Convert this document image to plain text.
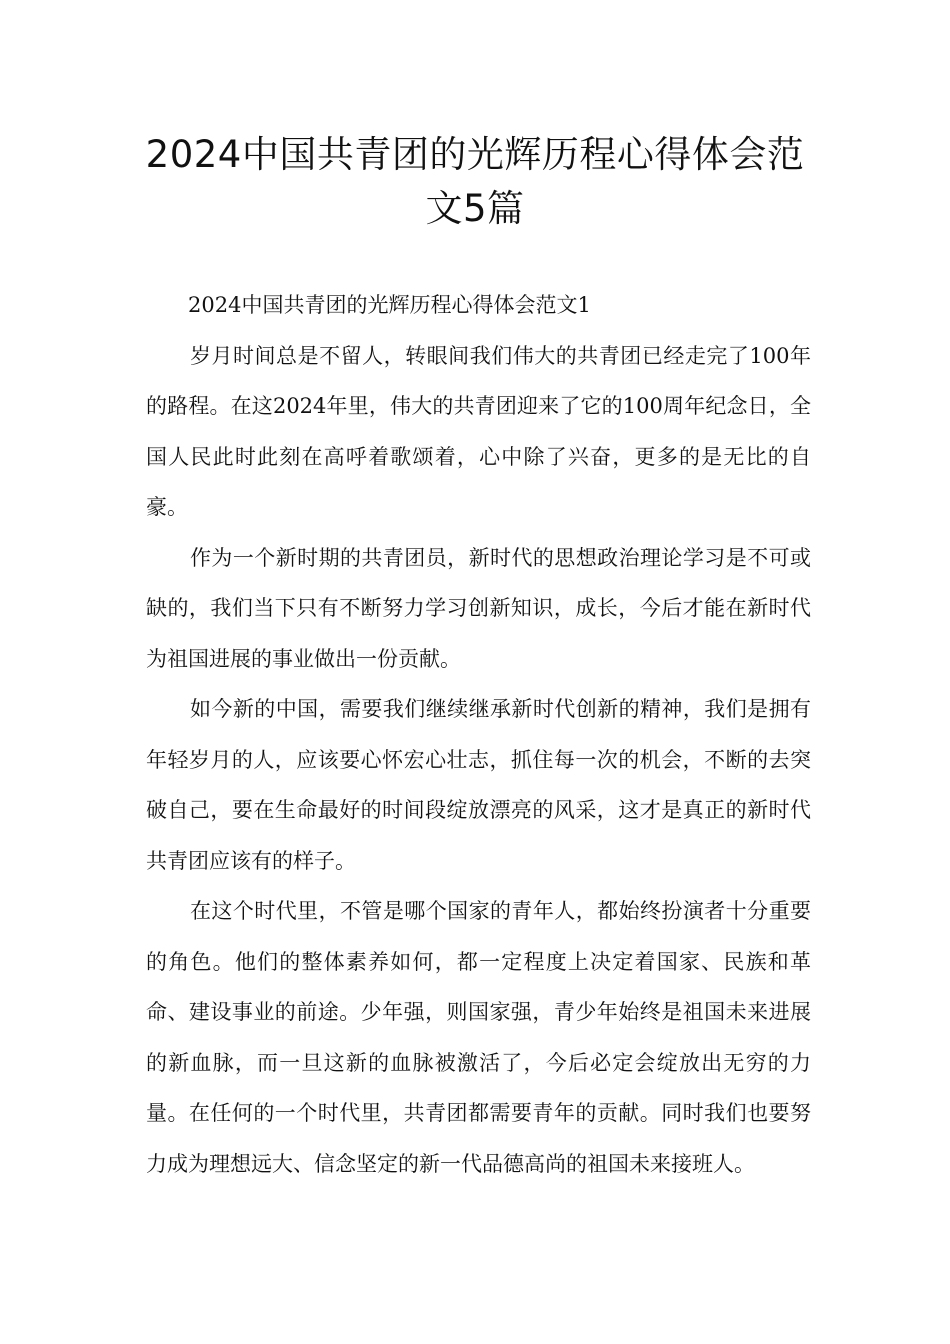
2024中国共青团的光辉历程心得体会范
文5篇

2024中国共青团的光辉历程心得体会范文1

岁月时间总是不留人，转眼间我们伟大的共青团已经走完了100年的路程。在这2024年里，伟大的共青团迎来了它的100周年纪念日，全国人民此时此刻在高呼着歌颂着，心中除了兴奋，更多的是无比的自豪。

作为一个新时期的共青团员，新时代的思想政治理论学习是不可或缺的，我们当下只有不断努力学习创新知识，成长，今后才能在新时代为祖国进展的事业做出一份贡献。

如今新的中国，需要我们继续继承新时代创新的精神，我们是拥有年轻岁月的人，应该要心怀宏心壮志，抓住每一次的机会，不断的去突破自己，要在生命最好的时间段绽放漂亮的风采，这才是真正的新时代共青团应该有的样子。

在这个时代里，不管是哪个国家的青年人，都始终扮演者十分重要的角色。他们的整体素养如何，都一定程度上决定着国家、民族和革命、建设事业的前途。少年强，则国家强，青少年始终是祖国未来进展的新血脉，而一旦这新的血脉被激活了，今后必定会绽放出无穷的力量。在任何的一个时代里，共青团都需要青年的贡献。同时我们也要努力成为理想远大、信念坚定的新一代品德高尚的祖国未来接班人。
